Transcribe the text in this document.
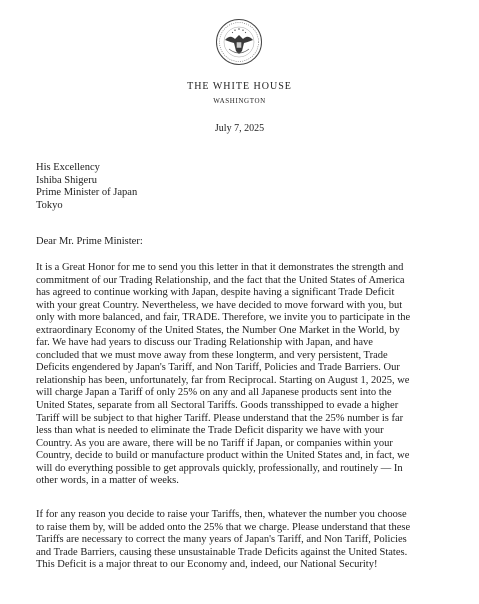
THE WHITE HOUSE
WASHINGTON
July 7, 2025
His Excellency
Ishiba Shigeru
Prime Minister of Japan
Tokyo
Dear Mr. Prime Minister:
It is a Great Honor for me to send you this letter in that it demonstrates the strength and
commitment of our Trading Relationship, and the fact that the United States of America
has agreed to continue working with Japan, despite having a significant Trade Deficit
with your great Country. Nevertheless, we have decided to move forward with you, but
only with more balanced, and fair, TRADE. Therefore, we invite you to participate in the
extraordinary Economy of the United States, the Number One Market in the World, by
far. We have had years to discuss our Trading Relationship with Japan, and have
concluded that we must move away from these longterm, and very persistent, Trade
Deficits engendered by Japan's Tariff, and Non Tariff, Policies and Trade Barriers. Our
relationship has been, unfortunately, far from Reciprocal. Starting on August 1, 2025, we
will charge Japan a Tariff of only 25% on any and all Japanese products sent into the
United States, separate from all Sectoral Tariffs. Goods transshipped to evade a higher
Tariff will be subject to that higher Tariff. Please understand that the 25% number is far
less than what is needed to eliminate the Trade Deficit disparity we have with your
Country. As you are aware, there will be no Tariff if Japan, or companies within your
Country, decide to build or manufacture product within the United States and, in fact, we
will do everything possible to get approvals quickly, professionally, and routinely — In
other words, in a matter of weeks.
If for any reason you decide to raise your Tariffs, then, whatever the number you choose
to raise them by, will be added onto the 25% that we charge. Please understand that these
Tariffs are necessary to correct the many years of Japan's Tariff, and Non Tariff, Policies
and Trade Barriers, causing these unsustainable Trade Deficits against the United States.
This Deficit is a major threat to our Economy and, indeed, our National Security!
